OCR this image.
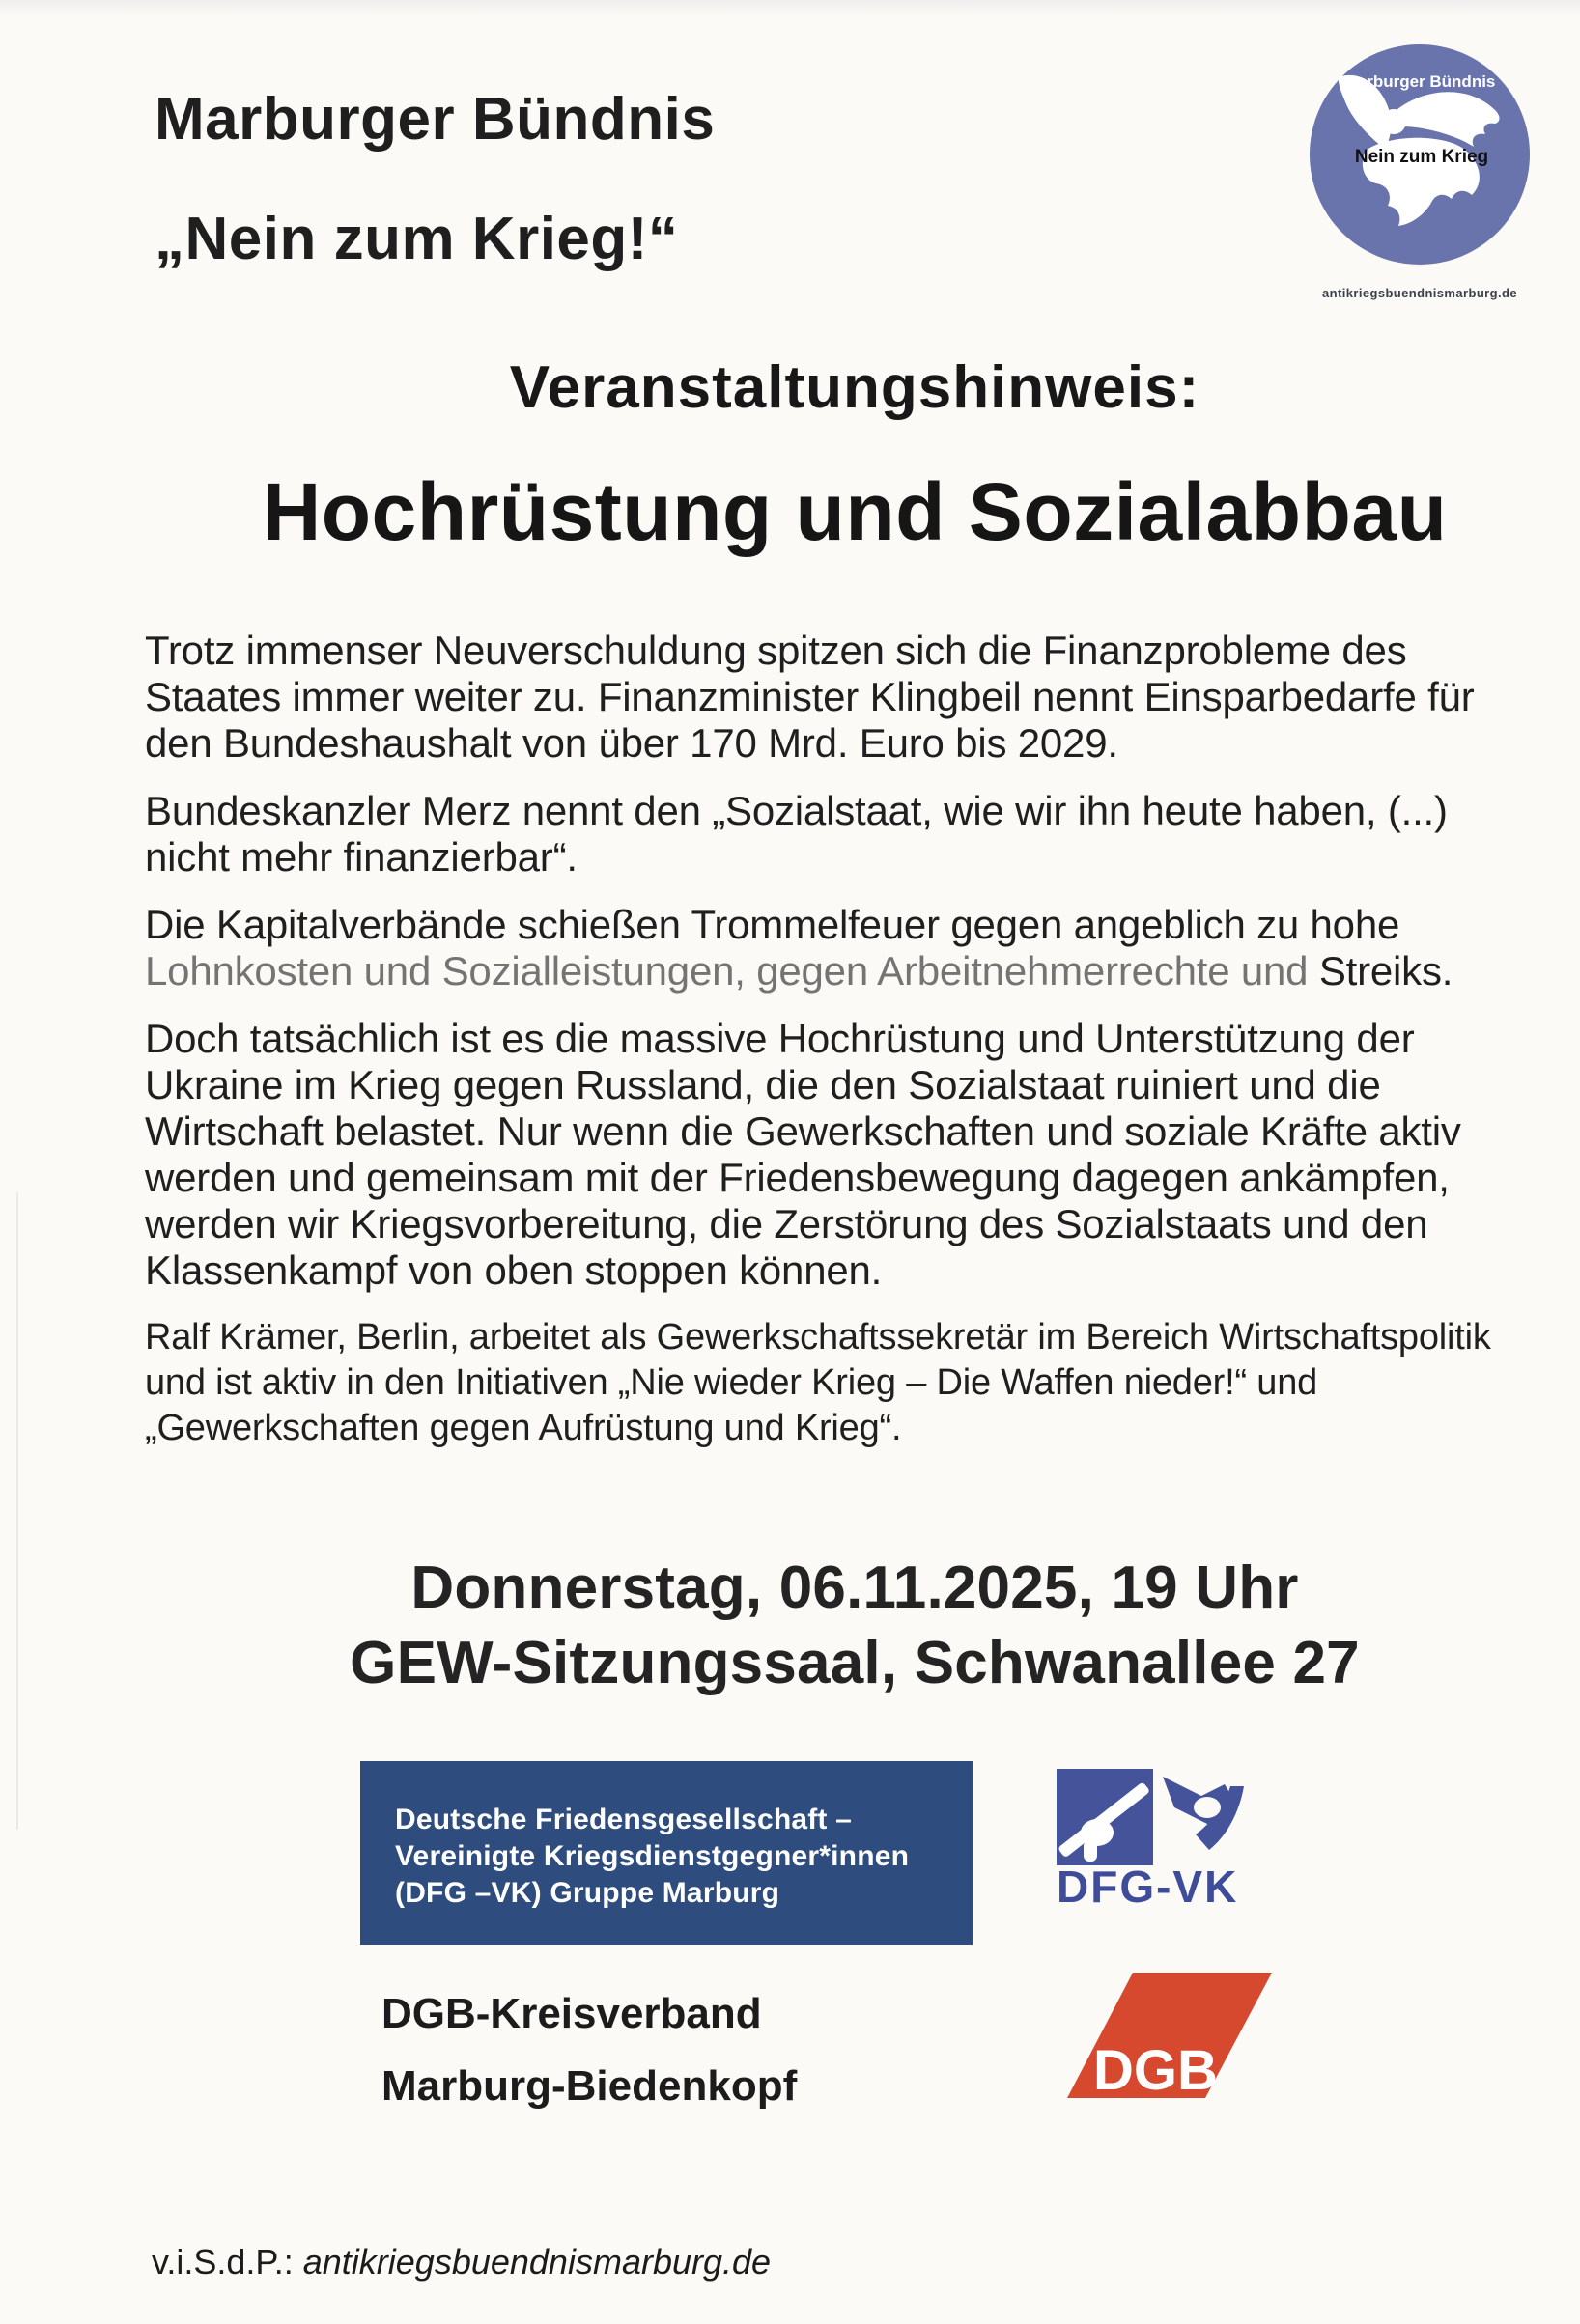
Marburger Bündnis
„Nein zum Krieg!“
Marburger Bündnis
Nein zum Krieg
antikriegsbuendnismarburg.de
Veranstaltungshinweis:
Hochrüstung und Sozialabbau

Trotz immenser Neuverschuldung spitzen sich die Finanzprobleme des Staates immer weiter zu. Finanzminister Klingbeil nennt Einsparbedarfe für den Bundeshaushalt von über 170 Mrd. Euro bis 2029.

Bundeskanzler Merz nennt den „Sozialstaat, wie wir ihn heute haben, (...) nicht mehr finanzierbar“.

Die Kapitalverbände schießen Trommelfeuer gegen angeblich zu hohe Lohnkosten und Sozialleistungen, gegen Arbeitnehmerrechte und Streiks.

Doch tatsächlich ist es die massive Hochrüstung und Unterstützung der Ukraine im Krieg gegen Russland, die den Sozialstaat ruiniert und die Wirtschaft belastet. Nur wenn die Gewerkschaften und soziale Kräfte aktiv werden und gemeinsam mit der Friedensbewegung dagegen ankämpfen, werden wir Kriegsvorbereitung, die Zerstörung des Sozialstaats und den Klassenkampf von oben stoppen können.

Ralf Krämer, Berlin, arbeitet als Gewerkschaftssekretär im Bereich Wirtschaftspolitik und ist aktiv in den Initiativen „Nie wieder Krieg – Die Waffen nieder!“ und „Gewerkschaften gegen Aufrüstung und Krieg“.

Donnerstag, 06.11.2025, 19 Uhr
GEW-Sitzungssaal, Schwanallee 27
Deutsche Friedensgesellschaft –
Vereinigte Kriegsdienstgegner*innen
(DFG –VK) Gruppe Marburg	DFG-VK
DGB-Kreisverband
Marburg-Biedenkopf	DGB
v.i.S.d.P.: antikriegsbuendnismarburg.de
